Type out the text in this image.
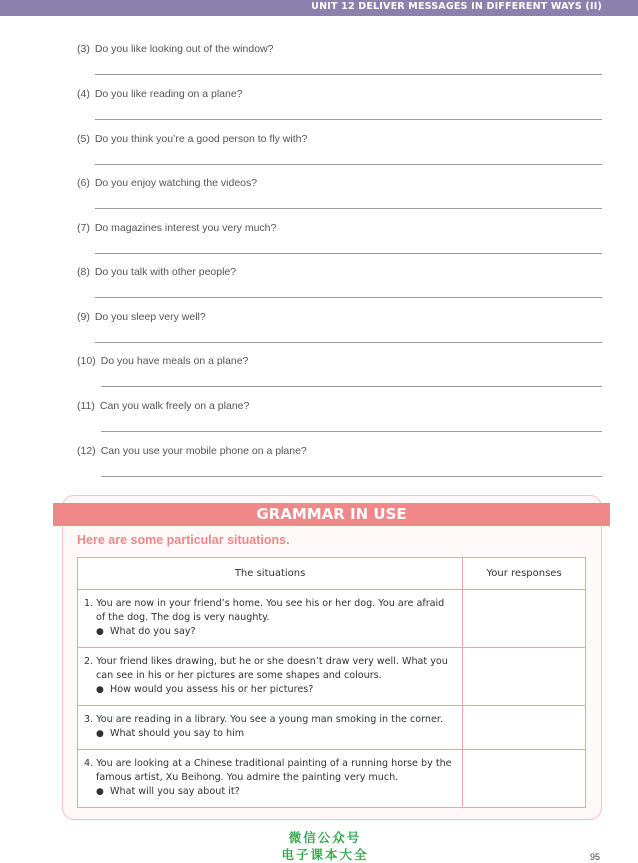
UNIT 12 DELIVER MESSAGES IN DIFFERENT WAYS (II)
(3) Do you like looking out of the window?
(4) Do you like reading on a plane?
(5) Do you think you’re a good person to fly with?
(6) Do you enjoy watching the videos?
(7) Do magazines interest you very much?
(8) Do you talk with other people?
(9) Do you sleep very well?
(10) Do you have meals on a plane?
(11) Can you walk freely on a plane?
(12) Can you use your mobile phone on a plane?
GRAMMAR IN USE
Here are some particular situations.
The situations	Your responses

1. You are now in your friend’s home. You see his or her dog. You are afraid of the dog. The dog is very naughty.
● What do you say?	

2. Your friend likes drawing, but he or she doesn’t draw very well. What you can see in his or her pictures are some shapes and colours.
● How would you assess his or her pictures?	

3. You are reading in a library. You see a young man smoking in the corner.
● What should you say to him	

4. You are looking at a Chinese traditional painting of a running horse by the famous artist, Xu Beihong. You admire the painting very much.
● What will you say about it?	

微信公众号
电子课本大全	95
